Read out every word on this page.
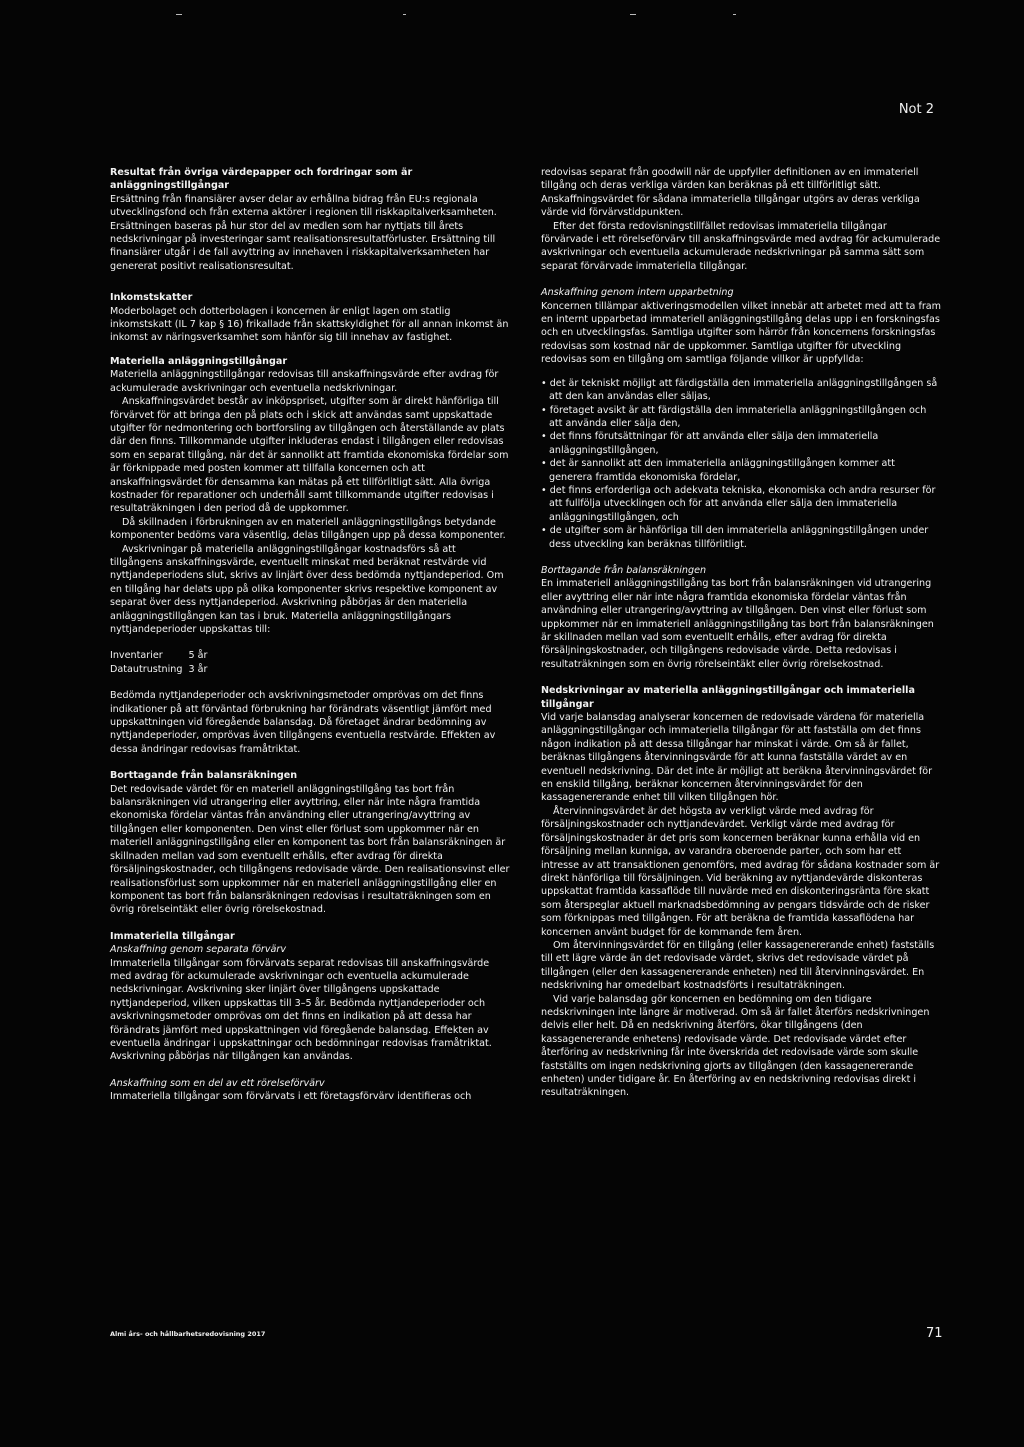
Not 2

Resultat från övriga värdepapper och fordringar som är anläggningstillgångar

Ersättning från finansiärer avser delar av erhållna bidrag från EU:s regionala utvecklingsfond och från externa aktörer i regionen till riskkapitalverksamheten. Ersättningen baseras på hur stor del av medlen som har nyttjats till årets nedskrivningar på investeringar samt realisationsresultatförluster. Ersättning till finansiärer utgår i de fall avyttring av innehaven i riskkapitalverksamheten har genererat positivt realisationsresultat.

Inkomstskatter

Moderbolaget och dotterbolagen i koncernen är enligt lagen om statlig inkomstskatt (IL 7 kap § 16) frikallade från skattskyldighet för all annan inkomst än inkomst av näringsverksamhet som hänför sig till innehav av fastighet.

Materiella anläggningstillgångar

Materiella anläggningstillgångar redovisas till anskaffningsvärde efter avdrag för ackumulerade avskrivningar och eventuella nedskrivningar.

Anskaffningsvärdet består av inköpspriset, utgifter som är direkt hänförliga till förvärvet för att bringa den på plats och i skick att användas samt uppskattade utgifter för nedmontering och bortforsling av tillgången och återställande av plats där den finns. Tillkommande utgifter inkluderas endast i tillgången eller redovisas som en separat tillgång, när det är sannolikt att framtida ekonomiska fördelar som är förknippade med posten kommer att tillfalla koncernen och att anskaffningsvärdet för densamma kan mätas på ett tillförlitligt sätt. Alla övriga kostnader för reparationer och underhåll samt tillkommande utgifter redovisas i resultaträkningen i den period då de uppkommer.

Då skillnaden i förbrukningen av en materiell anläggningstillgångs betydande komponenter bedöms vara väsentlig, delas tillgången upp på dessa komponenter.

Avskrivningar på materiella anläggningstillgångar kostnadsförs så att tillgångens anskaffningsvärde, eventuellt minskat med beräknat restvärde vid nyttjandeperiodens slut, skrivs av linjärt över dess bedömda nyttjandeperiod. Om en tillgång har delats upp på olika komponenter skrivs respektive komponent av separat över dess nyttjandeperiod. Avskrivning påbörjas är den materiella anläggningstillgången kan tas i bruk. Materiella anläggningstillgångars nyttjandeperioder uppskattas till:

Inventarier	5 år
Datautrustning	3 år

Bedömda nyttjandeperioder och avskrivningsmetoder omprövas om det finns indikationer på att förväntad förbrukning har förändrats väsentligt jämfört med uppskattningen vid föregående balansdag. Då företaget ändrar bedömning av nyttjandeperioder, omprövas även tillgångens eventuella restvärde. Effekten av dessa ändringar redovisas framåtriktat.

Borttagande från balansräkningen

Det redovisade värdet för en materiell anläggningstillgång tas bort från balansräkningen vid utrangering eller avyttring, eller när inte några framtida ekonomiska fördelar väntas från användning eller utrangering/avyttring av tillgången eller komponenten. Den vinst eller förlust som uppkommer när en materiell anläggningstillgång eller en komponent tas bort från balansräkningen är skillnaden mellan vad som eventuellt erhålls, efter avdrag för direkta försäljningskostnader, och tillgångens redovisade värde. Den realisationsvinst eller realisationsförlust som uppkommer när en materiell anläggningstillgång eller en komponent tas bort från balansräkningen redovisas i resultaträkningen som en övrig rörelseintäkt eller övrig rörelsekostnad.

Immateriella tillgångar

Anskaffning genom separata förvärv

Immateriella tillgångar som förvärvats separat redovisas till anskaffningsvärde med avdrag för ackumulerade avskrivningar och eventuella ackumulerade nedskrivningar. Avskrivning sker linjärt över tillgångens uppskattade nyttjandeperiod, vilken uppskattas till 3–5 år. Bedömda nyttjandeperioder och avskrivningsmetoder omprövas om det finns en indikation på att dessa har förändrats jämfört med uppskattningen vid föregående balansdag. Effekten av eventuella ändringar i uppskattningar och bedömningar redovisas framåtriktat. Avskrivning påbörjas när tillgången kan användas.

Anskaffning som en del av ett rörelseförvärv

Immateriella tillgångar som förvärvats i ett företagsförvärv identifieras och

redovisas separat från goodwill när de uppfyller definitionen av en immateriell tillgång och deras verkliga värden kan beräknas på ett tillförlitligt sätt. Anskaffningsvärdet för sådana immateriella tillgångar utgörs av deras verkliga värde vid förvärvstidpunkten.

Efter det första redovisningstillfället redovisas immateriella tillgångar förvärvade i ett rörelseförvärv till anskaffningsvärde med avdrag för ackumulerade avskrivningar och eventuella ackumulerade nedskrivningar på samma sätt som separat förvärvade immateriella tillgångar.

Anskaffning genom intern upparbetning

Koncernen tillämpar aktiveringsmodellen vilket innebär att arbetet med att ta fram en internt upparbetad immateriell anläggningstillgång delas upp i en forskningsfas och en utvecklingsfas. Samtliga utgifter som härrör från koncernens forskningsfas redovisas som kostnad när de uppkommer. Samtliga utgifter för utveckling redovisas som en tillgång om samtliga följande villkor är uppfyllda:

• det är tekniskt möjligt att färdigställa den immateriella anläggningstillgången så att den kan användas eller säljas,
• företaget avsikt är att färdigställa den immateriella anläggningstillgången och att använda eller sälja den,
• det finns förutsättningar för att använda eller sälja den immateriella anläggningstillgången,
• det är sannolikt att den immateriella anläggningstillgången kommer att generera framtida ekonomiska fördelar,
• det finns erforderliga och adekvata tekniska, ekonomiska och andra resurser för att fullfölja utvecklingen och för att använda eller sälja den immateriella anläggningstillgången, och
• de utgifter som är hänförliga till den immateriella anläggningstillgången under dess utveckling kan beräknas tillförlitligt.

Borttagande från balansräkningen

En immateriell anläggningstillgång tas bort från balansräkningen vid utrangering eller avyttring eller när inte några framtida ekonomiska fördelar väntas från användning eller utrangering/avyttring av tillgången. Den vinst eller förlust som uppkommer när en immateriell anläggningstillgång tas bort från balansräkningen är skillnaden mellan vad som eventuellt erhålls, efter avdrag för direkta försäljningskostnader, och tillgångens redovisade värde. Detta redovisas i resultaträkningen som en övrig rörelseintäkt eller övrig rörelsekostnad.

Nedskrivningar av materiella anläggningstillgångar och immateriella tillgångar

Vid varje balansdag analyserar koncernen de redovisade värdena för materiella anläggningstillgångar och immateriella tillgångar för att fastställa om det finns någon indikation på att dessa tillgångar har minskat i värde. Om så är fallet, beräknas tillgångens återvinningsvärde för att kunna fastställa värdet av en eventuell nedskrivning. Där det inte är möjligt att beräkna återvinningsvärdet för en enskild tillgång, beräknar koncernen återvinningsvärdet för den kassagenererande enhet till vilken tillgången hör.

Återvinningsvärdet är det högsta av verkligt värde med avdrag för försäljningskostnader och nyttjandevärdet. Verkligt värde med avdrag för försäljningskostnader är det pris som koncernen beräknar kunna erhålla vid en försäljning mellan kunniga, av varandra oberoende parter, och som har ett intresse av att transaktionen genomförs, med avdrag för sådana kostnader som är direkt hänförliga till försäljningen. Vid beräkning av nyttjandevärde diskonteras uppskattat framtida kassaflöde till nuvärde med en diskonteringsränta före skatt som återspeglar aktuell marknadsbedömning av pengars tidsvärde och de risker som förknippas med tillgången. För att beräkna de framtida kassaflödena har koncernen använt budget för de kommande fem åren.

Om återvinningsvärdet för en tillgång (eller kassagenererande enhet) fastställs till ett lägre värde än det redovisade värdet, skrivs det redovisade värdet på tillgången (eller den kassagenererande enheten) ned till återvinningsvärdet. En nedskrivning har omedelbart kostnadsförts i resultaträkningen.

Vid varje balansdag gör koncernen en bedömning om den tidigare nedskrivningen inte längre är motiverad. Om så är fallet återförs nedskrivningen delvis eller helt. Då en nedskrivning återförs, ökar tillgångens (den kassagenererande enhetens) redovisade värde. Det redovisade värdet efter återföring av nedskrivning får inte överskrida det redovisade värde som skulle fastställts om ingen nedskrivning gjorts av tillgången (den kassagenererande enheten) under tidigare år. En återföring av en nedskrivning redovisas direkt i resultaträkningen.

Almi års- och hållbarhetsredovisning 2017	71
